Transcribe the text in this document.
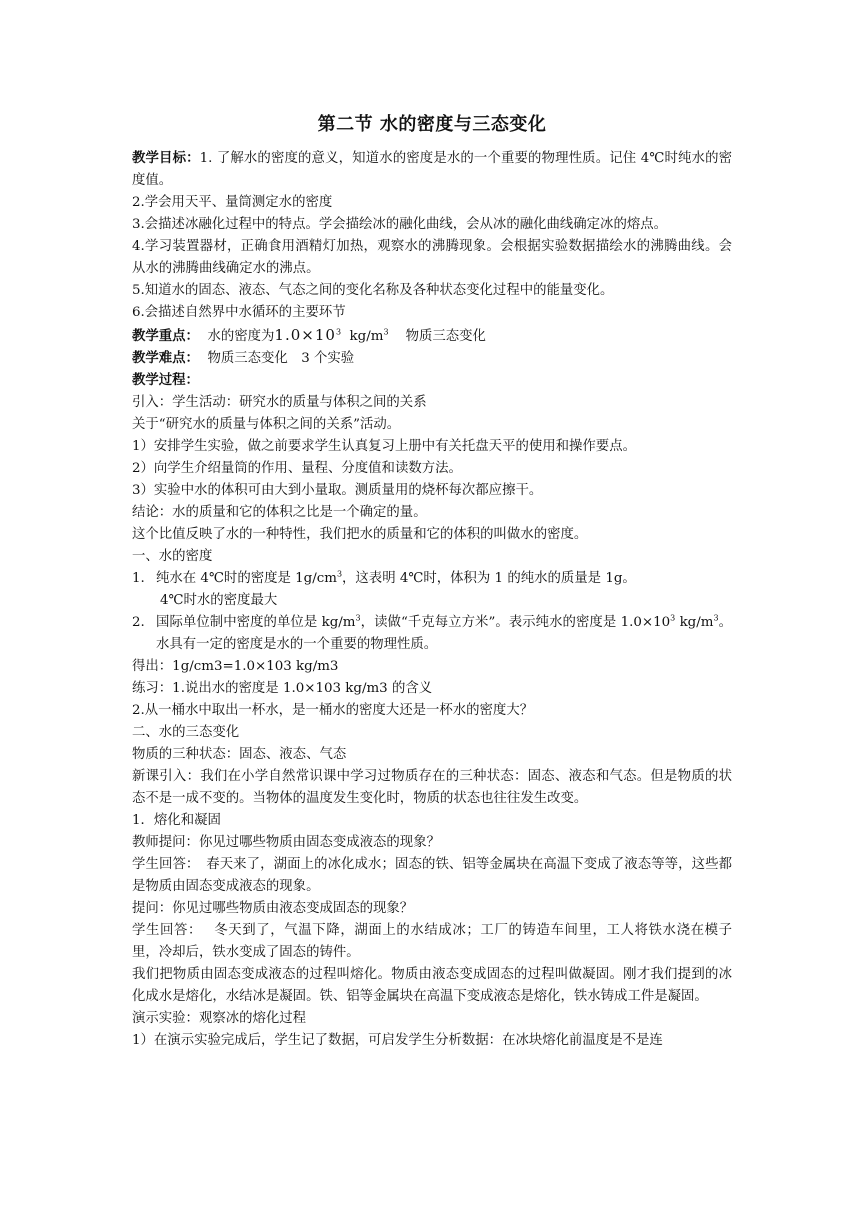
第二节 水的密度与三态变化

教学目标：1. 了解水的密度的意义，知道水的密度是水的一个重要的物理性质。记住 4℃时纯水的密度值。

2.学会用天平、量筒测定水的密度

3.会描述冰融化过程中的特点。学会描绘冰的融化曲线，会从冰的融化曲线确定冰的熔点。

4.学习装置器材，正确食用酒精灯加热，观察水的沸腾现象。会根据实验数据描绘水的沸腾曲线。会从水的沸腾曲线确定水的沸点。

5.知道水的固态、液态、气态之间的变化名称及各种状态变化过程中的能量变化。

6.会描述自然界中水循环的主要环节

教学重点： 水的密度为$1.0\times 10^3$ $kg/m^3$ 物质三态变化

教学难点： 物质三态变化　3 个实验

教学过程：

引入：学生活动：研究水的质量与体积之间的关系

关于“研究水的质量与体积之间的关系”活动。

1）安排学生实验，做之前要求学生认真复习上册中有关托盘天平的使用和操作要点。

2）向学生介绍量筒的作用、量程、分度值和读数方法。

3）实验中水的体积可由大到小量取。测质量用的烧杯每次都应擦干。

结论：水的质量和它的体积之比是一个确定的量。

这个比值反映了水的一种特性，我们把水的质量和它的体积的叫做水的密度。

一、水的密度

1. 纯水在 4℃时的密度是 $1g/cm^3$，这表明 4℃时，体积为 1 的纯水的质量是 1g。

4℃时水的密度最大

2. 国际单位制中密度的单位是 $kg/m^3$，读做“千克每立方米”。表示纯水的密度是 $1.0\times 10^3$ $kg/m^3$。水具有一定的密度是水的一个重要的物理性质。

得出：1g/cm3=1.0×103 kg/m3

练习：1.说出水的密度是 1.0×103 kg/m3 的含义

2.从一桶水中取出一杯水，是一桶水的密度大还是一杯水的密度大？

二、水的三态变化

物质的三种状态：固态、液态、气态

新课引入：我们在小学自然常识课中学习过物质存在的三种状态：固态、液态和气态。但是物质的状态不是一成不变的。当物体的温度发生变化时，物质的状态也往往发生改变。

1．熔化和凝固

教师提问：你见过哪些物质由固态变成液态的现象？

学生回答：　春天来了，湖面上的冰化成水；固态的铁、铝等金属块在高温下变成了液态等等，这些都是物质由固态变成液态的现象。

提问：你见过哪些物质由液态变成固态的现象？

学生回答：　 冬天到了，气温下降，湖面上的水结成冰；工厂的铸造车间里，工人将铁水浇在模子里，冷却后，铁水变成了固态的铸件。

我们把物质由固态变成液态的过程叫熔化。物质由液态变成固态的过程叫做凝固。刚才我们提到的冰化成水是熔化，水结冰是凝固。铁、铝等金属块在高温下变成液态是熔化，铁水铸成工件是凝固。

演示实验：观察冰的熔化过程

1）在演示实验完成后，学生记了数据，可启发学生分析数据：在冰块熔化前温度是不是连
